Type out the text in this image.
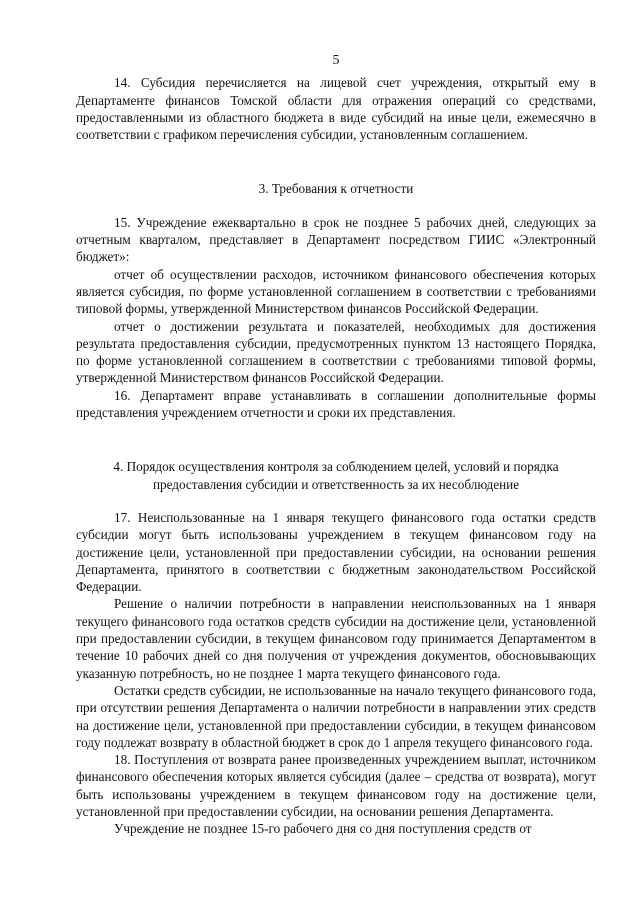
5

14. Субсидия перечисляется на лицевой счет учреждения, открытый ему в Департаменте финансов Томской области для отражения операций со средствами, предоставленными из областного бюджета в виде субсидий на иные цели, ежемесячно в соответствии с графиком перечисления субсидии, установленным соглашением.

3. Требования к отчетности

15. Учреждение ежеквартально в срок не позднее 5 рабочих дней, следующих за отчетным кварталом, представляет в Департамент посредством ГИИС «Электронный бюджет»:

отчет об осуществлении расходов, источником финансового обеспечения которых является субсидия, по форме установленной соглашением в соответствии с требованиями типовой формы, утвержденной Министерством финансов Российской Федерации.

отчет о достижении результата и показателей, необходимых для достижения результата предоставления субсидии, предусмотренных пунктом 13 настоящего Порядка, по форме установленной соглашением в соответствии с требованиями типовой формы, утвержденной Министерством финансов Российской Федерации.

16. Департамент вправе устанавливать в соглашении дополнительные формы представления учреждением отчетности и сроки их представления.

4. Порядок осуществления контроля за соблюдением целей, условий и порядка предоставления субсидии и ответственность за их несоблюдение

17. Неиспользованные на 1 января текущего финансового года остатки средств субсидии могут быть использованы учреждением в текущем финансовом году на достижение цели, установленной при предоставлении субсидии, на основании решения Департамента, принятого в соответствии с бюджетным законодательством Российской Федерации.

Решение о наличии потребности в направлении неиспользованных на 1 января текущего финансового года остатков средств субсидии на достижение цели, установленной при предоставлении субсидии, в текущем финансовом году принимается Департаментом в течение 10 рабочих дней со дня получения от учреждения документов, обосновывающих указанную потребность, но не позднее 1 марта текущего финансового года.

Остатки средств субсидии, не использованные на начало текущего финансового года, при отсутствии решения Департамента о наличии потребности в направлении этих средств на достижение цели, установленной при предоставлении субсидии, в текущем финансовом году подлежат возврату в областной бюджет в срок до 1 апреля текущего финансового года.

18. Поступления от возврата ранее произведенных учреждением выплат, источником финансового обеспечения которых является субсидия (далее – средства от возврата), могут быть использованы учреждением в текущем финансовом году на достижение цели, установленной при предоставлении субсидии, на основании решения Департамента.

Учреждение не позднее 15-го рабочего дня со дня поступления средств от
